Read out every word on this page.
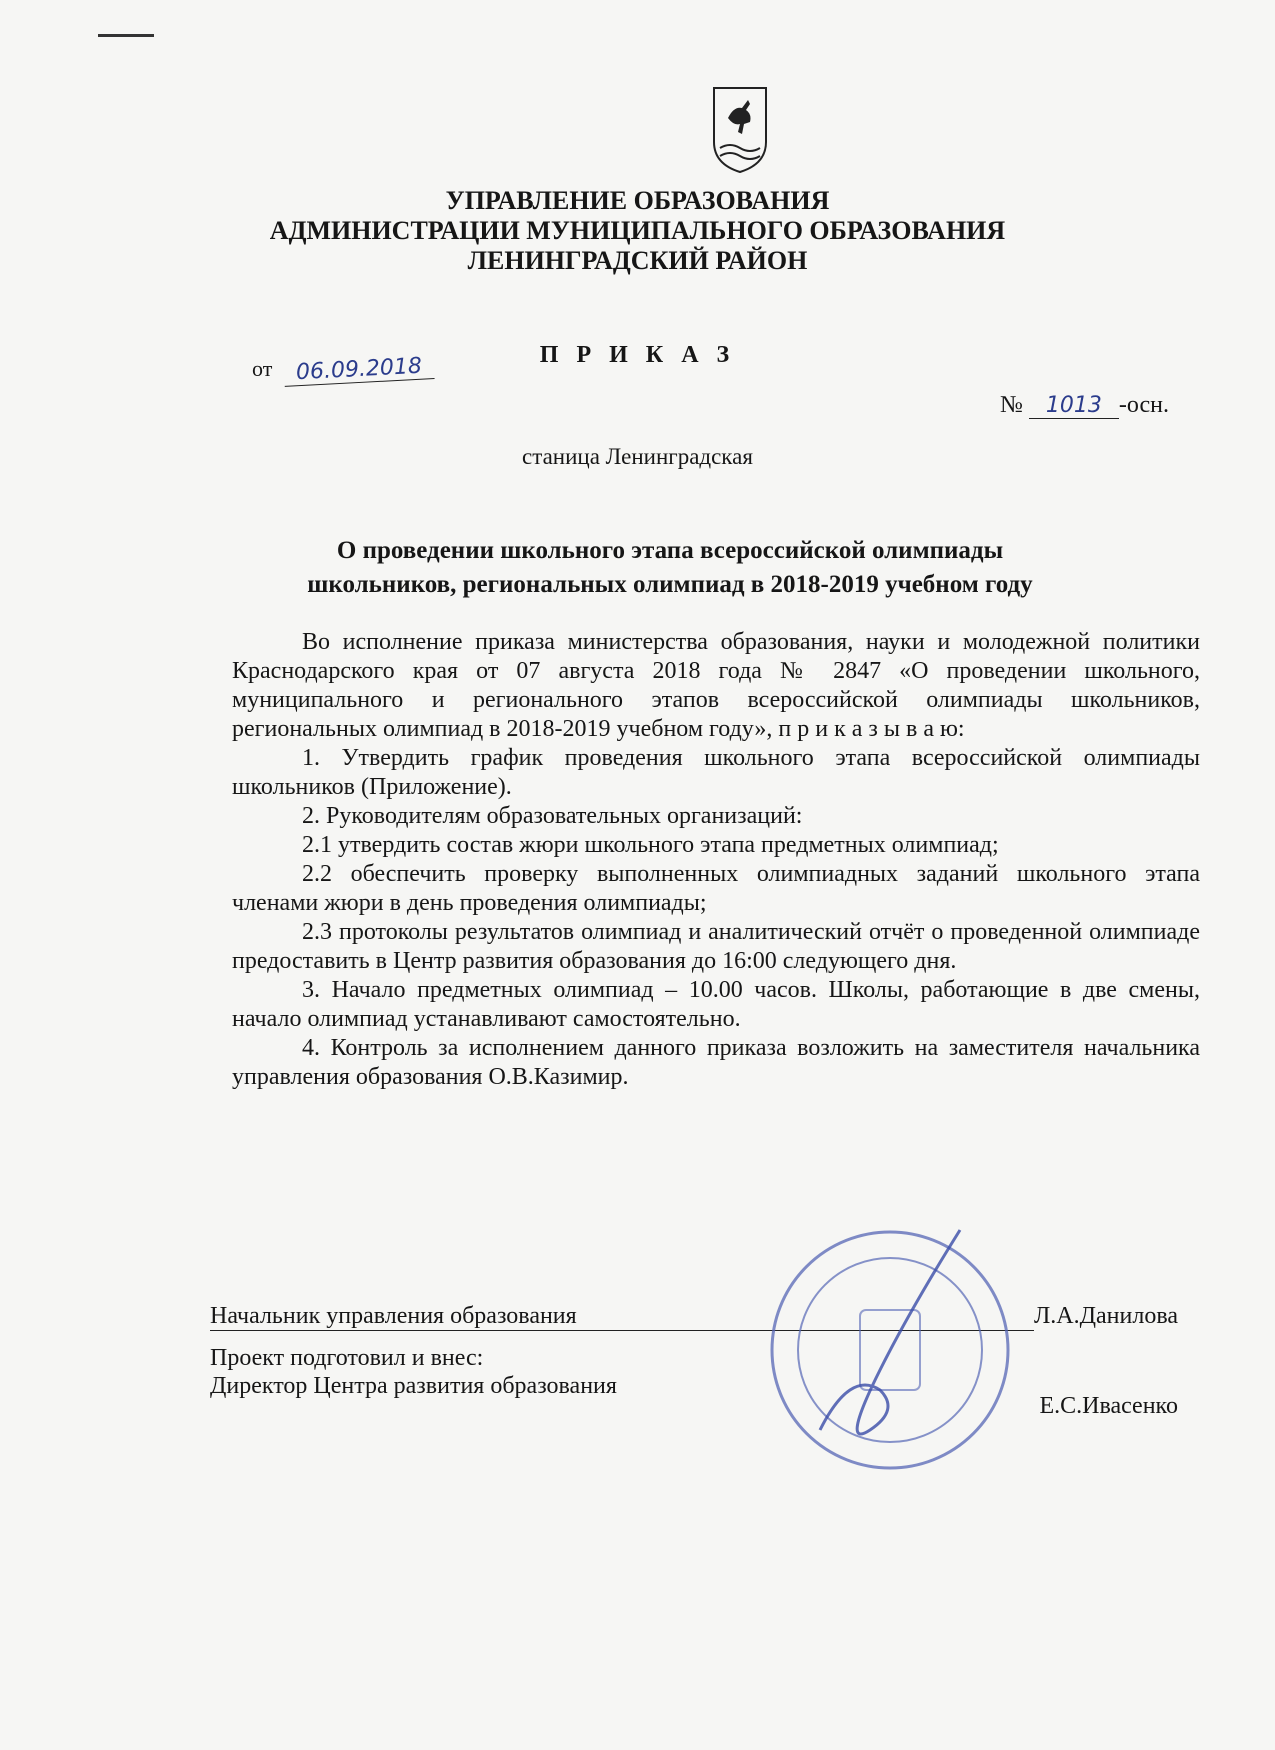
УПРАВЛЕНИЕ ОБРАЗОВАНИЯ
АДМИНИСТРАЦИИ МУНИЦИПАЛЬНОГО ОБРАЗОВАНИЯ
ЛЕНИНГРАДСКИЙ РАЙОН
П Р И К А З
от 06.09.2018
№ 1013 -осн.
станица Ленинградская
О проведении школьного этапа всероссийской олимпиады
школьников, региональных олимпиад в 2018-2019 учебном году

Во исполнение приказа министерства образования, науки и молодежной политики Краснодарского края от 07 августа 2018 года № 2847 «О проведении школьного, муниципального и регионального этапов всероссийской олимпиады школьников, региональных олимпиад в 2018-2019 учебном году», п р и к а з ы в а ю:

1. Утвердить график проведения школьного этапа всероссийской олимпиады школьников (Приложение).

2. Руководителям образовательных организаций:

2.1 утвердить состав жюри школьного этапа предметных олимпиад;

2.2 обеспечить проверку выполненных олимпиадных заданий школьного этапа членами жюри в день проведения олимпиады;

2.3 протоколы результатов олимпиад и аналитический отчёт о проведенной олимпиаде предоставить в Центр развития образования до 16:00 следующего дня.

3. Начало предметных олимпиад – 10.00 часов. Школы, работающие в две смены, начало олимпиад устанавливают самостоятельно.

4. Контроль за исполнением данного приказа возложить на заместителя начальника управления образования О.В.Казимир.

Начальник управления образования	Л.А.Данилова
Проект подготовил и внес:
Директор Центра развития образования
Е.С.Ивасенко
